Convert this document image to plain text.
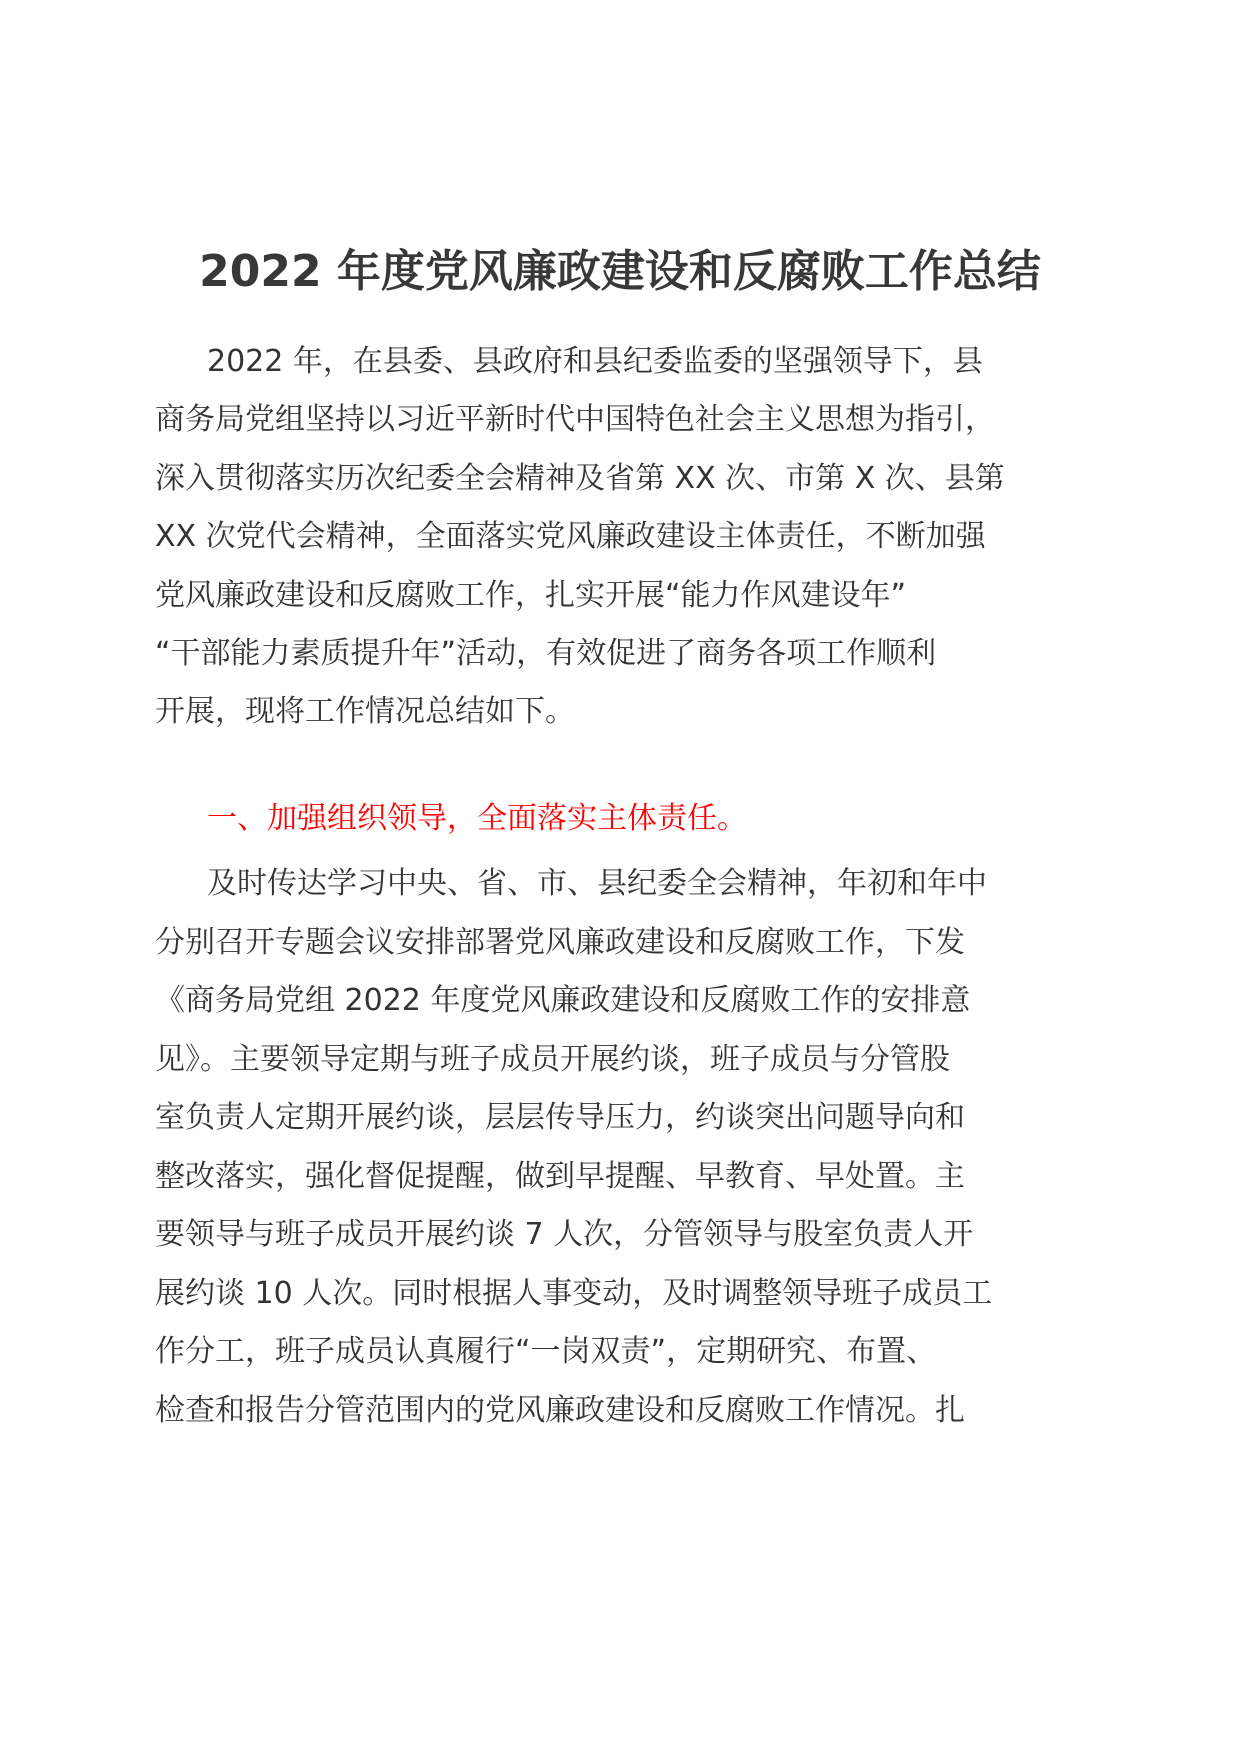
2022 年度党风廉政建设和反腐败工作总结
2022 年，在县委、县政府和县纪委监委的坚强领导下，县
商务局党组坚持以习近平新时代中国特色社会主义思想为指引，
深入贯彻落实历次纪委全会精神及省第 XX 次、市第 X 次、县第
XX 次党代会精神，全面落实党风廉政建设主体责任，不断加强
党风廉政建设和反腐败工作，扎实开展“能力作风建设年”
“干部能力素质提升年”活动，有效促进了商务各项工作顺利
开展，现将工作情况总结如下。
一、加强组织领导，全面落实主体责任。
及时传达学习中央、省、市、县纪委全会精神，年初和年中
分别召开专题会议安排部署党风廉政建设和反腐败工作，下发
《商务局党组 2022 年度党风廉政建设和反腐败工作的安排意
见》。主要领导定期与班子成员开展约谈，班子成员与分管股
室负责人定期开展约谈，层层传导压力，约谈突出问题导向和
整改落实，强化督促提醒，做到早提醒、早教育、早处置。主
要领导与班子成员开展约谈 7 人次，分管领导与股室负责人开
展约谈 10 人次。同时根据人事变动，及时调整领导班子成员工
作分工，班子成员认真履行“一岗双责”，定期研究、布置、
检查和报告分管范围内的党风廉政建设和反腐败工作情况。扎
